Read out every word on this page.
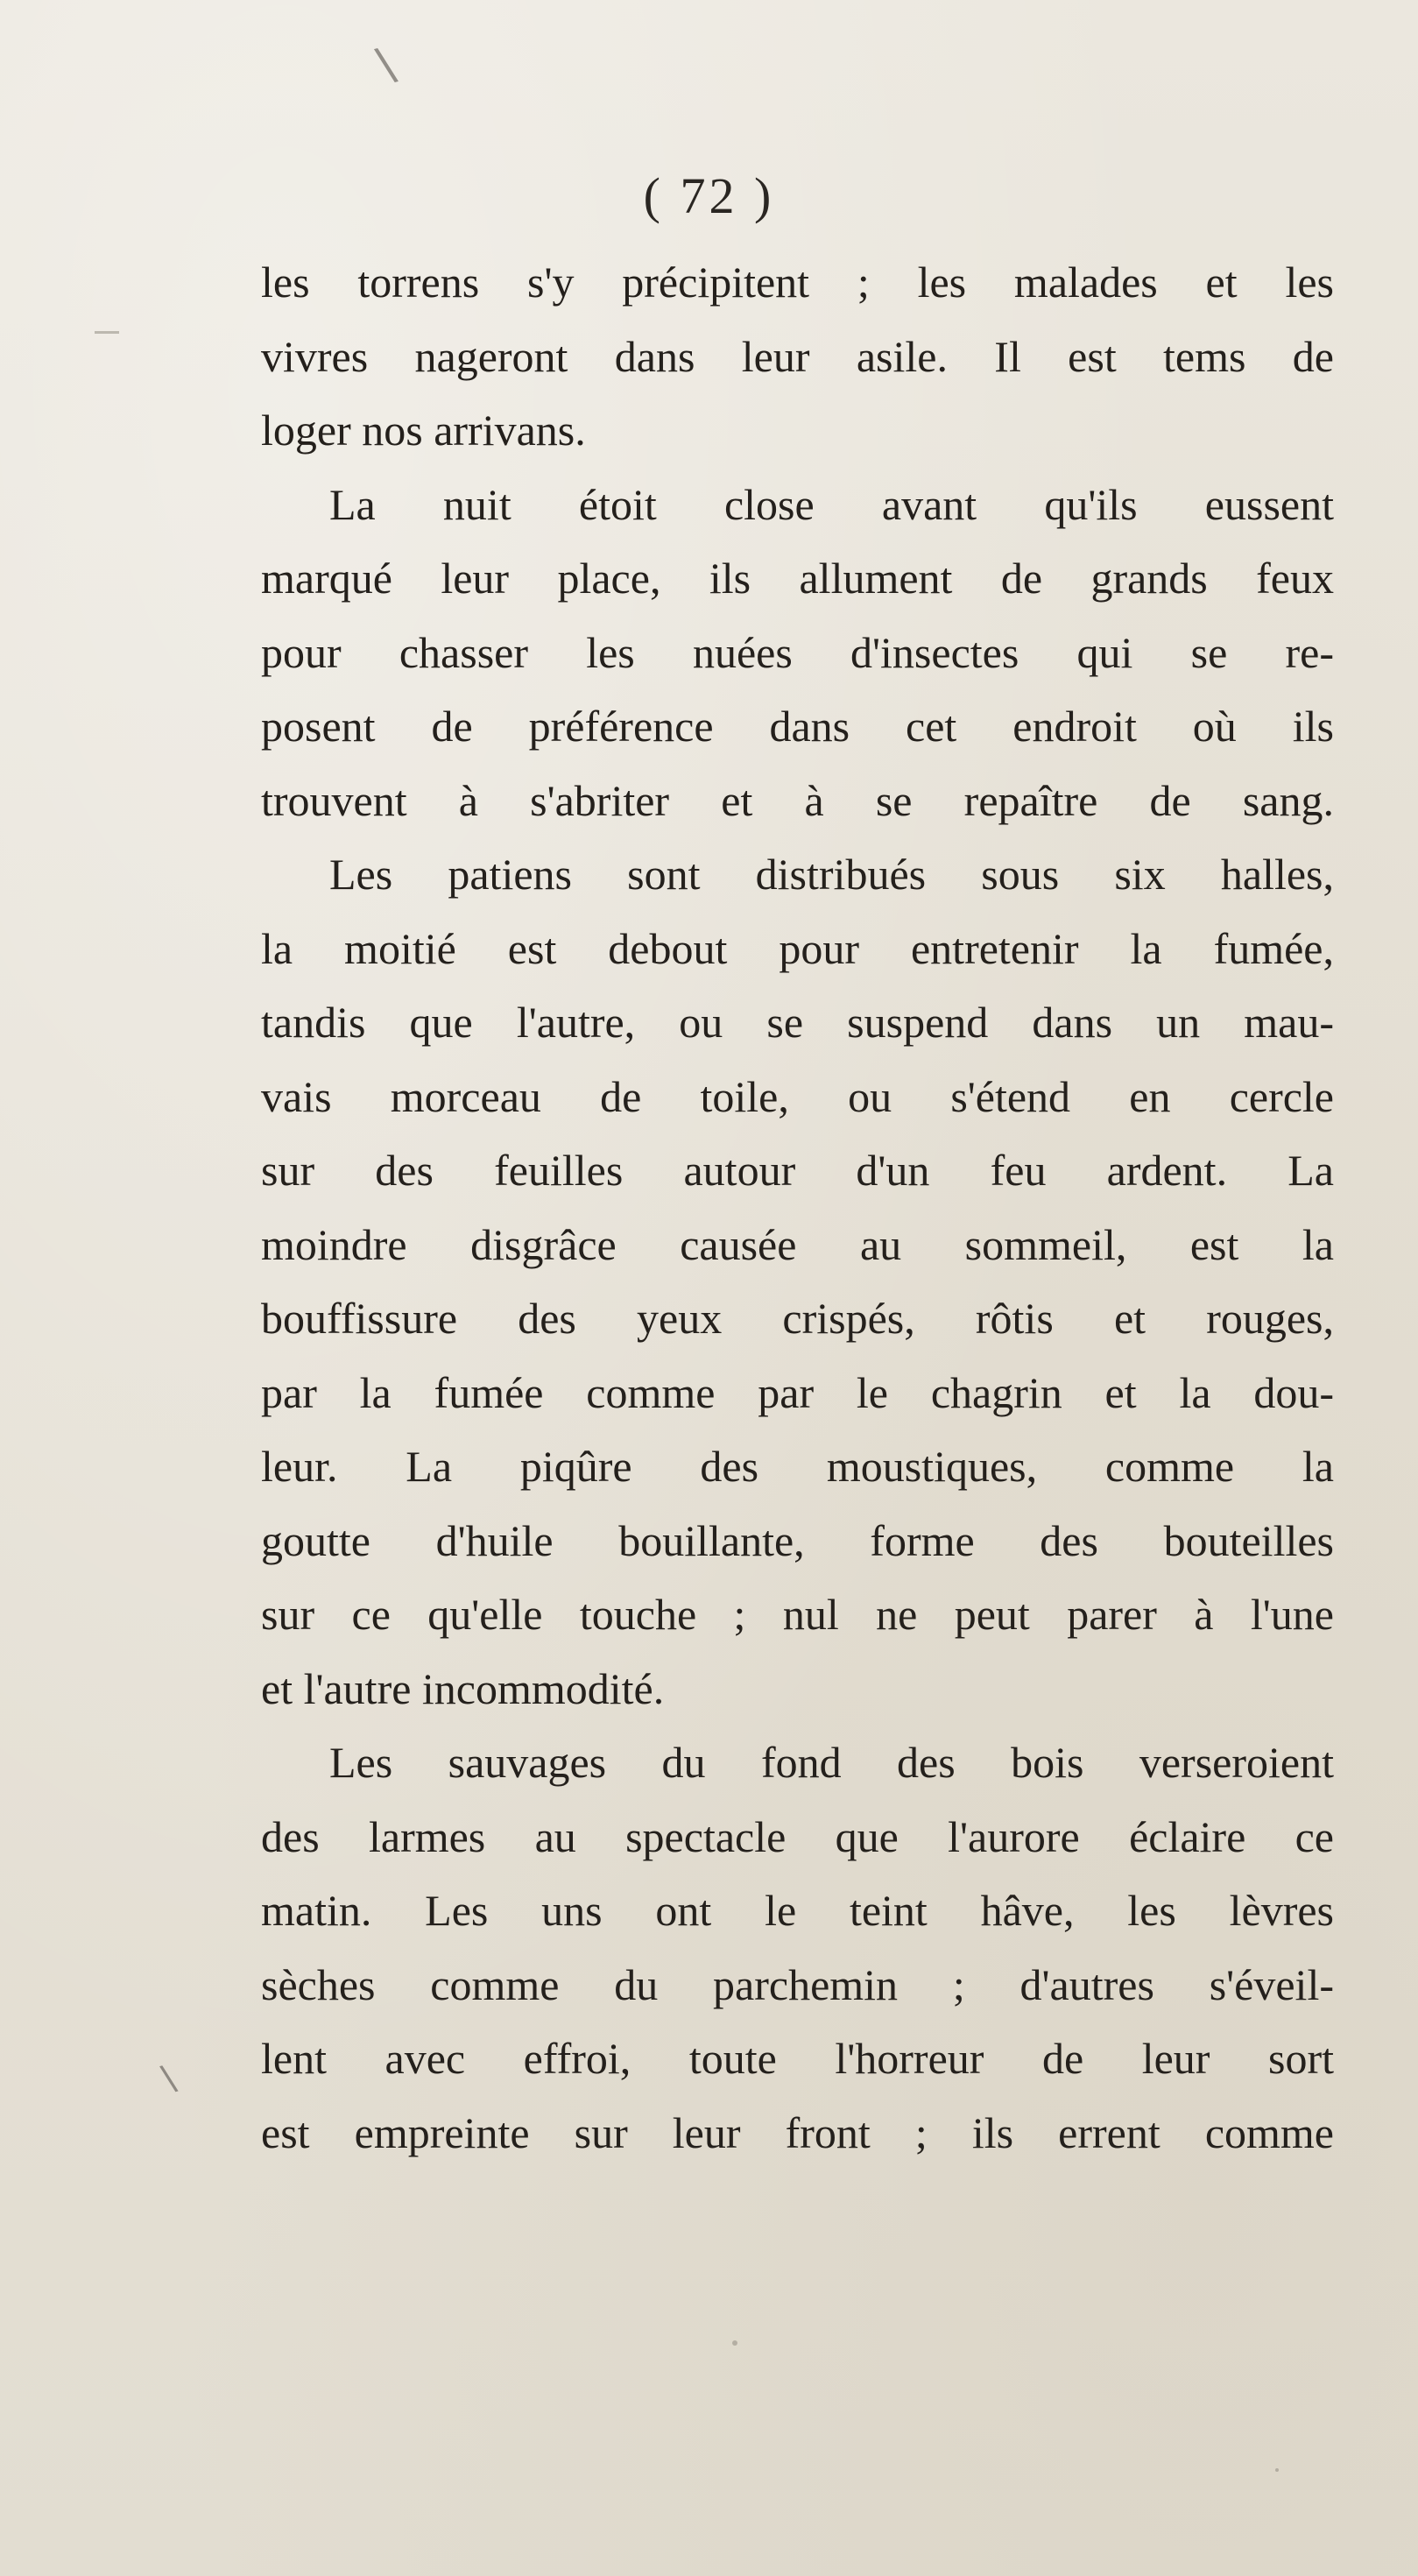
\
\
( 72 )
les torrens s'y précipitent ; les malades et les
vivres nageront dans leur asile. Il est tems de
loger nos arrivans.
La nuit étoit close avant qu'ils eussent
marqué leur place, ils allument de grands feux
pour chasser les nuées d'insectes qui se re-
posent de préférence dans cet endroit où ils
trouvent à s'abriter et à se repaître de sang.
Les patiens sont distribués sous six halles,
la moitié est debout pour entretenir la fumée,
tandis que l'autre, ou se suspend dans un mau-
vais morceau de toile, ou s'étend en cercle
sur des feuilles autour d'un feu ardent. La
moindre disgrâce causée au sommeil, est la
bouffissure des yeux crispés, rôtis et rouges,
par la fumée comme par le chagrin et la dou-
leur. La piqûre des moustiques, comme la
goutte d'huile bouillante, forme des bouteilles
sur ce qu'elle touche ; nul ne peut parer à l'une
et l'autre incommodité.
Les sauvages du fond des bois verseroient
des larmes au spectacle que l'aurore éclaire ce
matin. Les uns ont le teint hâve, les lèvres
sèches comme du parchemin ; d'autres s'éveil-
lent avec effroi, toute l'horreur de leur sort
est empreinte sur leur front ; ils errent comme
